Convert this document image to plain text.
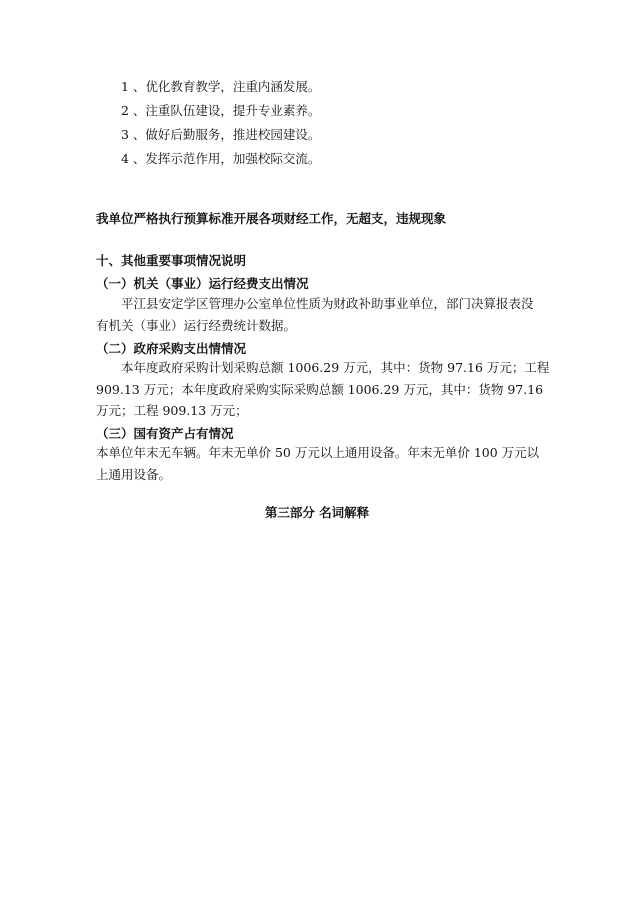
1 、优化教育教学，注重内涵发展。
2 、注重队伍建设，提升专业素养。
3 、做好后勤服务，推进校园建设。
4 、发挥示范作用，加强校际交流。
我单位严格执行预算标准开展各项财经工作，无超支，违规现象
十、其他重要事项情况说明
（一）机关（事业）运行经费支出情况
平江县安定学区管理办公室单位性质为财政补助事业单位，部门决算报表没
有机关（事业）运行经费统计数据。
（二）政府采购支出情情况
本年度政府采购计划采购总额 1006.29 万元，其中：货物 97.16 万元；工程
909.13 万元；本年度政府采购实际采购总额 1006.29 万元，其中：货物 97.16
万元；工程 909.13 万元；
（三）国有资产占有情况
本单位年末无车辆。年末无单价 50 万元以上通用设备。年末无单价 100 万元以
上通用设备。
第三部分 名词解释
